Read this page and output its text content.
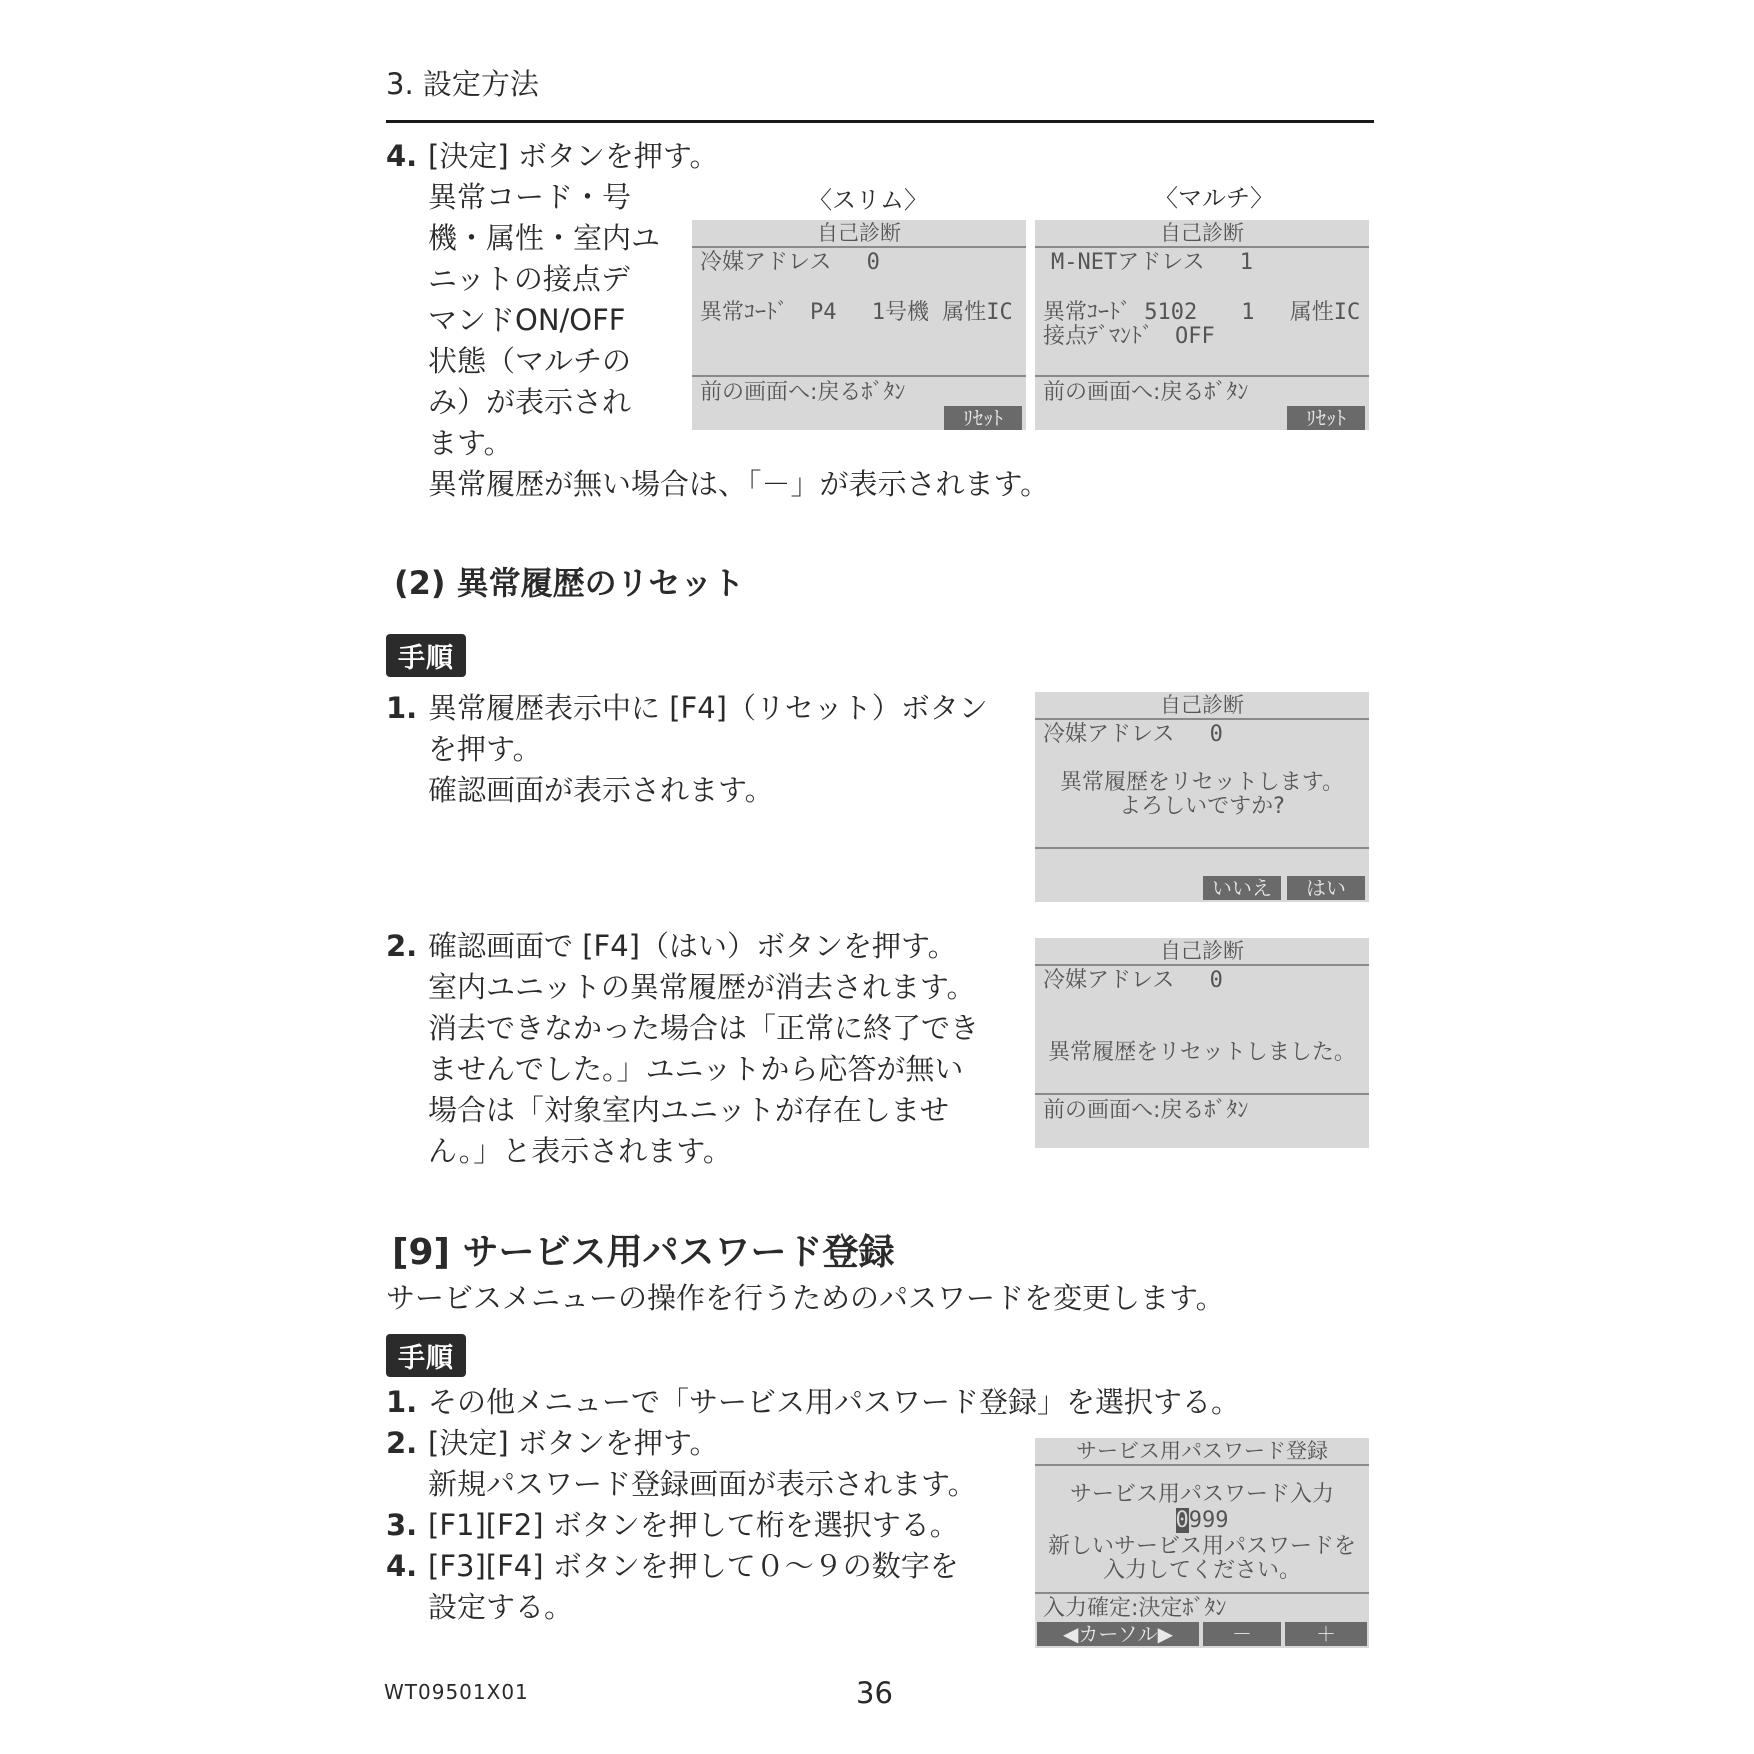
3. 設定方法
4. [決定] ボタンを押す。
異常コード・号
機・属性・室内ユ
ニットの接点デ
マンドON/OFF
状態（マルチの
み）が表示され
ます。
異常履歴が無い場合は、「－」が表示されます。
〈スリム〉	〈マルチ〉
自己診断
冷媒アドレス　 0
異常ｺｰﾄﾞ　P4　 1号機 属性IC
前の画面へ:戻るﾎﾞﾀﾝ
ﾘｾｯﾄ
自己診断
M-NETアドレス　 1
異常ｺｰﾄﾞ 5102　　1　 属性IC
接点ﾃﾞﾏﾝﾄﾞ　OFF
前の画面へ:戻るﾎﾞﾀﾝ
ﾘｾｯﾄ
(2) 異常履歴のリセット
手順
1. 異常履歴表示中に [F4]（リセット）ボタン
を押す。
確認画面が表示されます。
自己診断
冷媒アドレス　 0
異常履歴をリセットします。
よろしいですか?
いいえ	はい
2. 確認画面で [F4]（はい）ボタンを押す。
室内ユニットの異常履歴が消去されます。
消去できなかった場合は「正常に終了でき
ませんでした。」ユニットから応答が無い
場合は「対象室内ユニットが存在しませ
ん。」と表示されます。
自己診断
冷媒アドレス　 0
異常履歴をリセットしました。
前の画面へ:戻るﾎﾞﾀﾝ
[9] サービス用パスワード登録
サービスメニューの操作を行うためのパスワードを変更します。
手順
1. その他メニューで「サービス用パスワード登録」を選択する。
2. [決定] ボタンを押す。
新規パスワード登録画面が表示されます。
3. [F1][F2] ボタンを押して桁を選択する。
4. [F3][F4] ボタンを押して０～９の数字を
設定する。
サービス用パスワード登録
サービス用パスワード入力
0999
新しいサービス用パスワードを
入力してください。
入力確定:決定ﾎﾞﾀﾝ
◀カーソル▶	－	＋
WT09501X01	36
